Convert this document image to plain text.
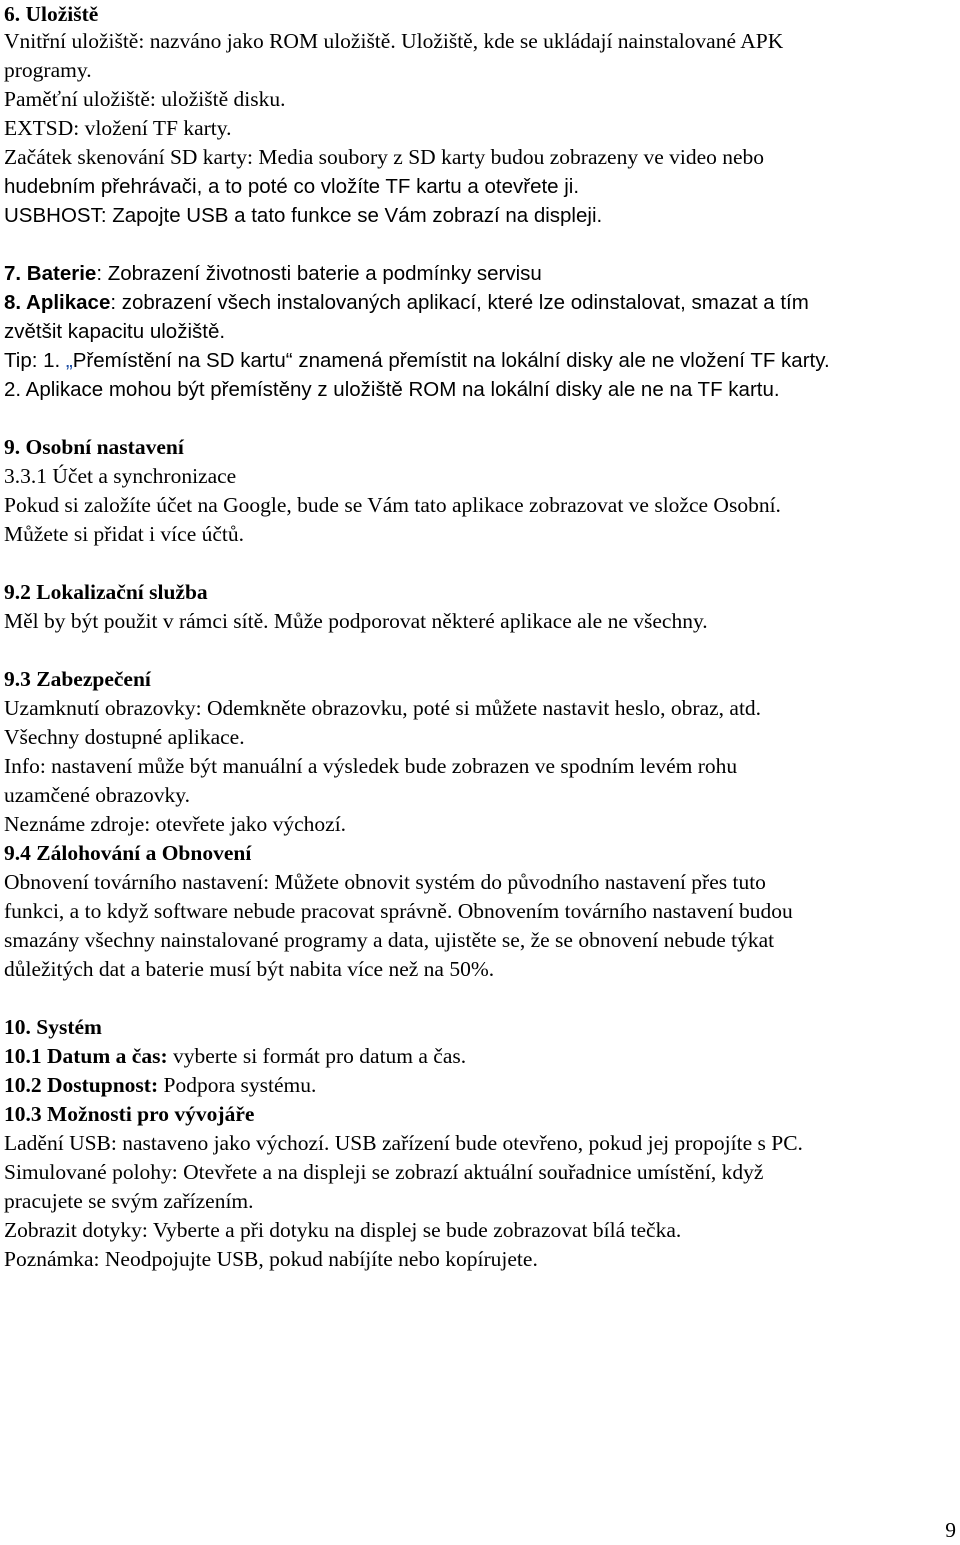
6. Uložiště
Vnitřní uložiště: nazváno jako ROM uložiště. Uložiště, kde se ukládají nainstalované APK
programy.
Paměťní uložiště: uložiště disku.
EXTSD: vložení TF karty.
Začátek skenování SD karty: Media soubory z SD karty budou zobrazeny ve video nebo
hudebním přehrávači, a to poté co vložíte TF kartu a otevřete ji.
USBHOST: Zapojte USB a tato funkce se Vám zobrazí na displeji.
7. Baterie: Zobrazení životnosti baterie a podmínky servisu
8. Aplikace: zobrazení všech instalovaných aplikací, které lze odinstalovat, smazat a tím
zvětšit kapacitu uložiště.
Tip: 1. „Přemístění na SD kartu“ znamená přemístit na lokální disky ale ne vložení TF karty.
2. Aplikace mohou být přemístěny z uložiště ROM na lokální disky ale ne na TF kartu.
9. Osobní nastavení
3.3.1 Účet a synchronizace
Pokud si založíte účet na Google, bude se Vám tato aplikace zobrazovat ve složce Osobní.
Můžete si přidat i více účtů.
9.2 Lokalizační služba
Měl by být použit v rámci sítě. Může podporovat některé aplikace ale ne všechny.
9.3 Zabezpečení
Uzamknutí obrazovky: Odemkněte obrazovku, poté si můžete nastavit heslo, obraz, atd.
Všechny dostupné aplikace.
Info: nastavení může být manuální a výsledek bude zobrazen ve spodním levém rohu
uzamčené obrazovky.
Neznáme zdroje: otevřete jako výchozí.
9.4 Zálohování a Obnovení
Obnovení továrního nastavení: Můžete obnovit systém do původního nastavení přes tuto
funkci, a to když software nebude pracovat správně. Obnovením továrního nastavení budou
smazány všechny nainstalované programy a data, ujistěte se, že se obnovení nebude týkat
důležitých dat a baterie musí být nabita více než na 50%.
10. Systém
10.1 Datum a čas: vyberte si formát pro datum a čas.
10.2 Dostupnost: Podpora systému.
10.3 Možnosti pro vývojáře
Ladění USB: nastaveno jako výchozí. USB zařízení bude otevřeno, pokud jej propojíte s PC.
Simulované polohy: Otevřete a na displeji se zobrazí aktuální souřadnice umístění, když
pracujete se svým zařízením.
Zobrazit dotyky: Vyberte a při dotyku na displej se bude zobrazovat bílá tečka.
Poznámka: Neodpojujte USB, pokud nabíjíte nebo kopírujete.
9
